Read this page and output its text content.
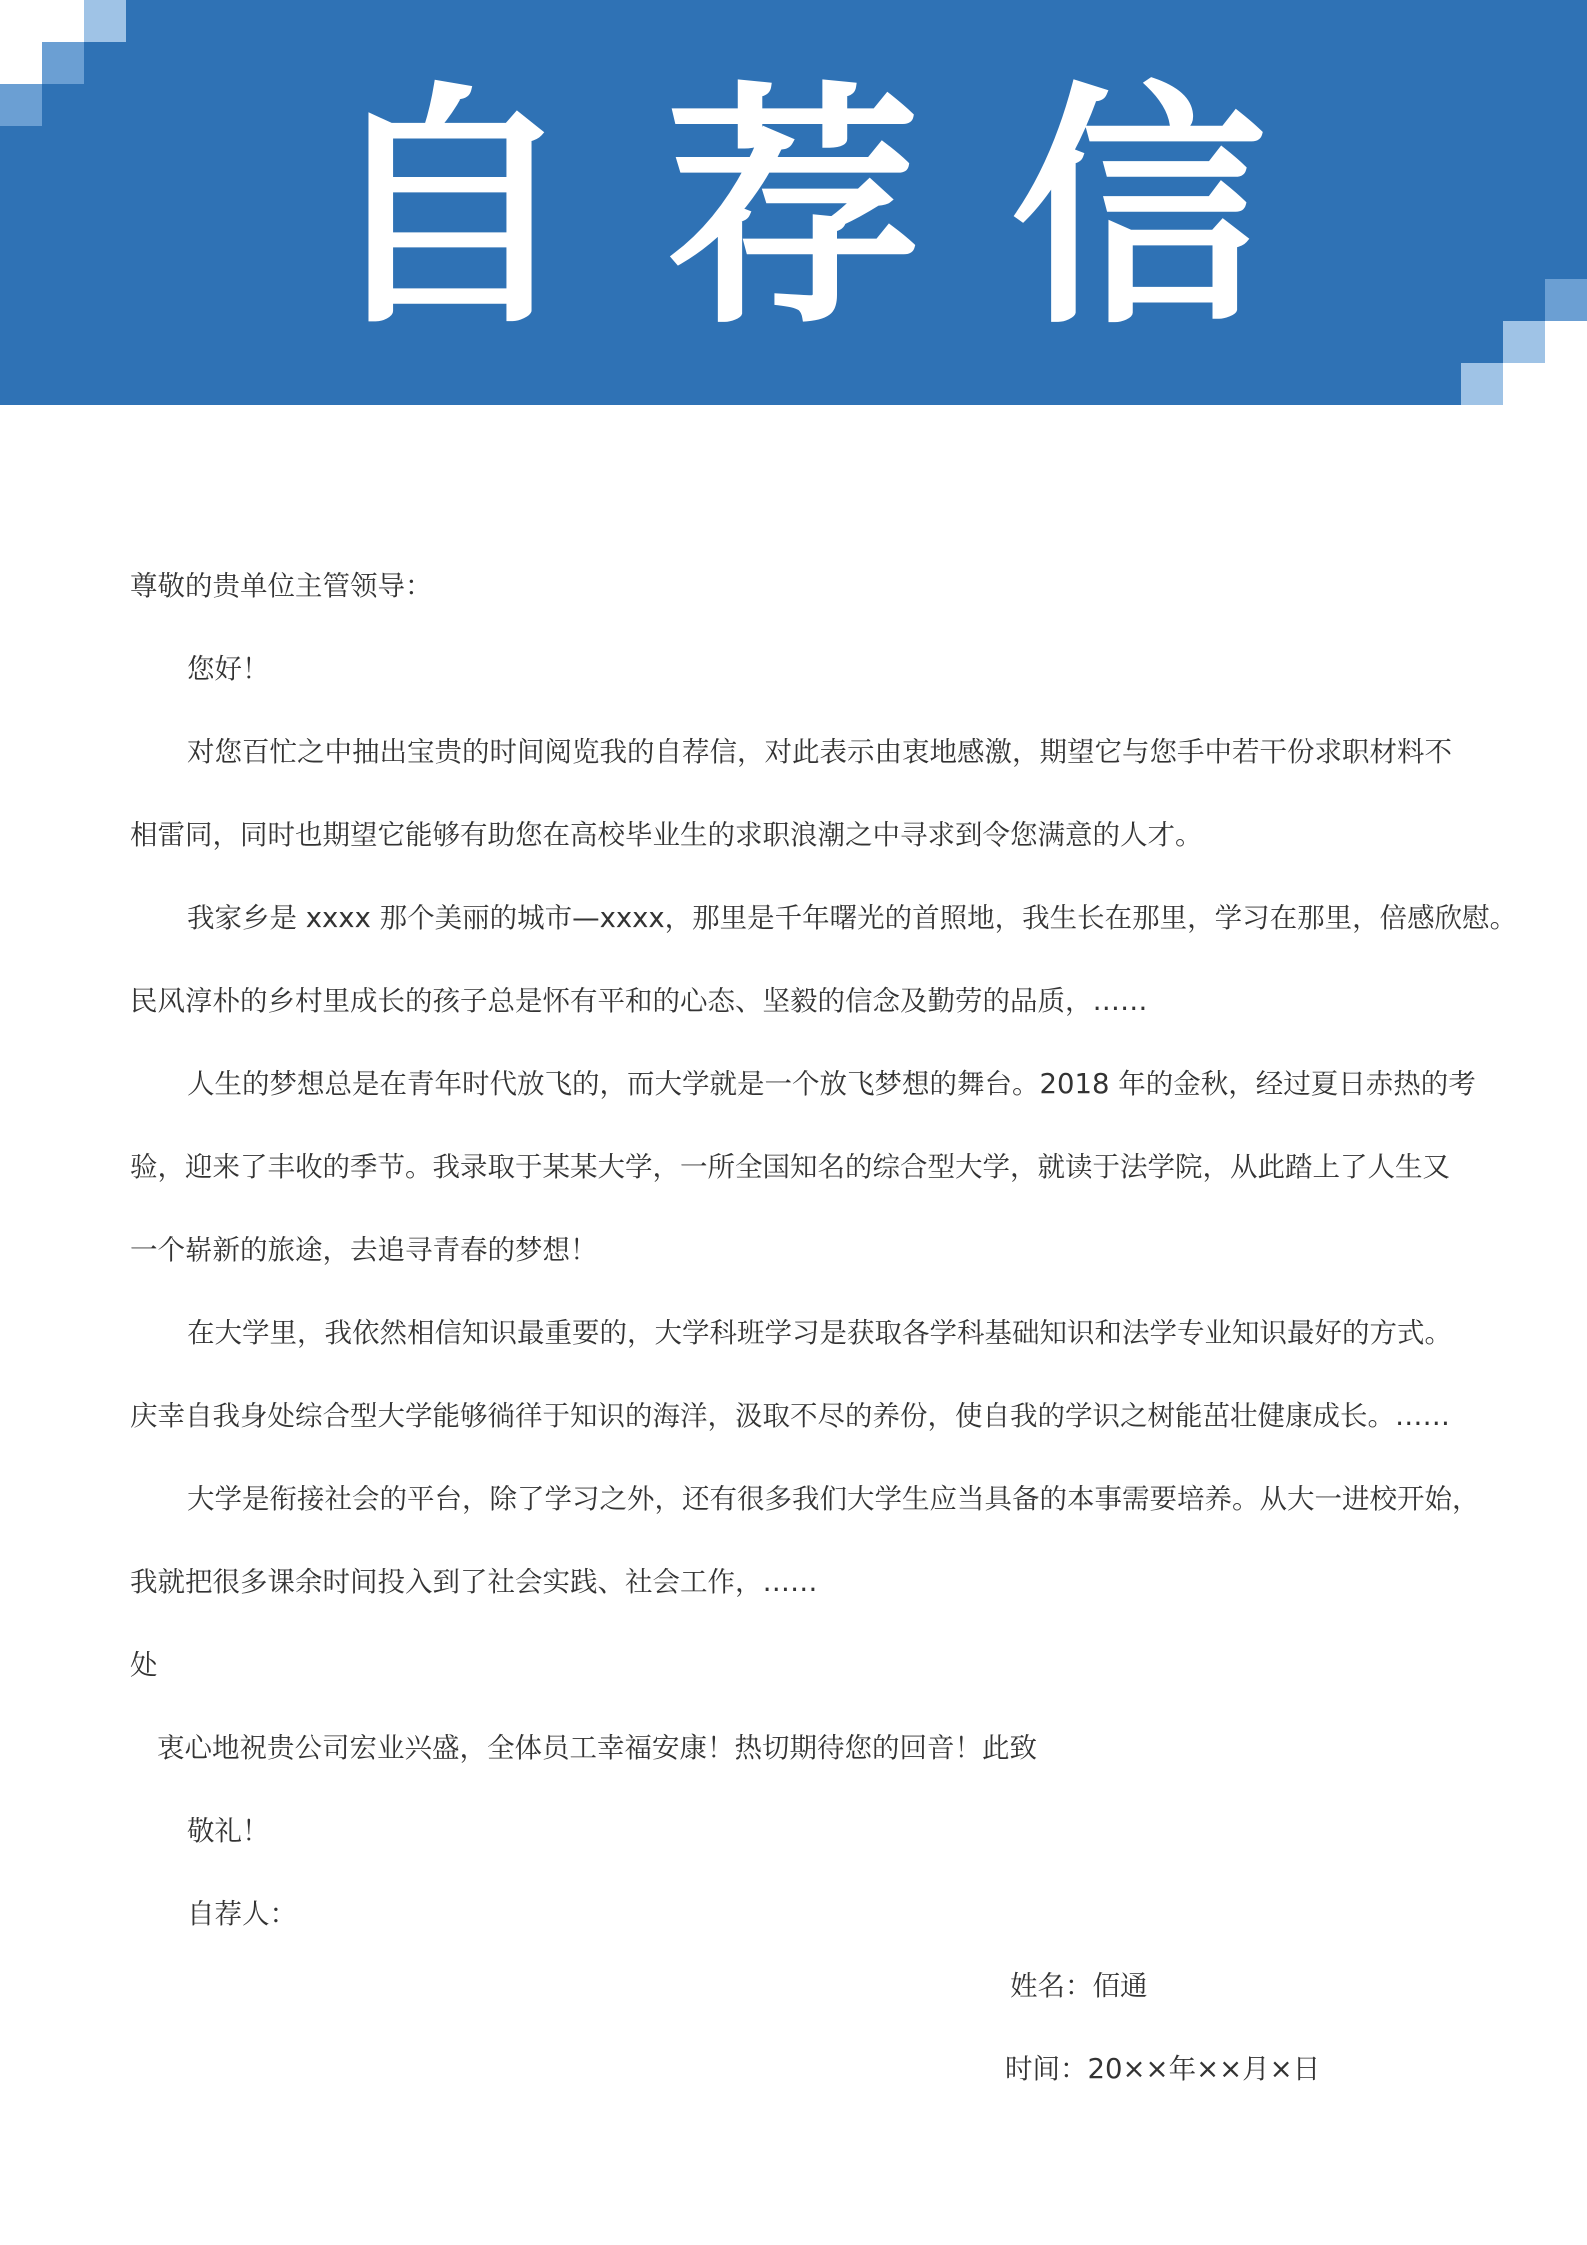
自荐信
尊敬的贵单位主管领导：
您好！
对您百忙之中抽出宝贵的时间阅览我的自荐信，对此表示由衷地感激，期望它与您手中若干份求职材料不
相雷同，同时也期望它能够有助您在高校毕业生的求职浪潮之中寻求到令您满意的人才。
我家乡是 xxxx 那个美丽的城市—xxxx，那里是千年曙光的首照地，我生长在那里，学习在那里，倍感欣慰。
民风淳朴的乡村里成长的孩子总是怀有平和的心态、坚毅的信念及勤劳的品质，……
人生的梦想总是在青年时代放飞的，而大学就是一个放飞梦想的舞台。2018 年的金秋，经过夏日赤热的考
验，迎来了丰收的季节。我录取于某某大学，一所全国知名的综合型大学，就读于法学院，从此踏上了人生又
一个崭新的旅途，去追寻青春的梦想！
在大学里，我依然相信知识最重要的，大学科班学习是获取各学科基础知识和法学专业知识最好的方式。
庆幸自我身处综合型大学能够徜徉于知识的海洋，汲取不尽的养份，使自我的学识之树能茁壮健康成长。……
大学是衔接社会的平台，除了学习之外，还有很多我们大学生应当具备的本事需要培养。从大一进校开始，
我就把很多课余时间投入到了社会实践、社会工作，……
处
衷心地祝贵公司宏业兴盛，全体员工幸福安康！热切期待您的回音！此致
敬礼！
自荐人：
姓名：佰通
时间：20××年××月×日
